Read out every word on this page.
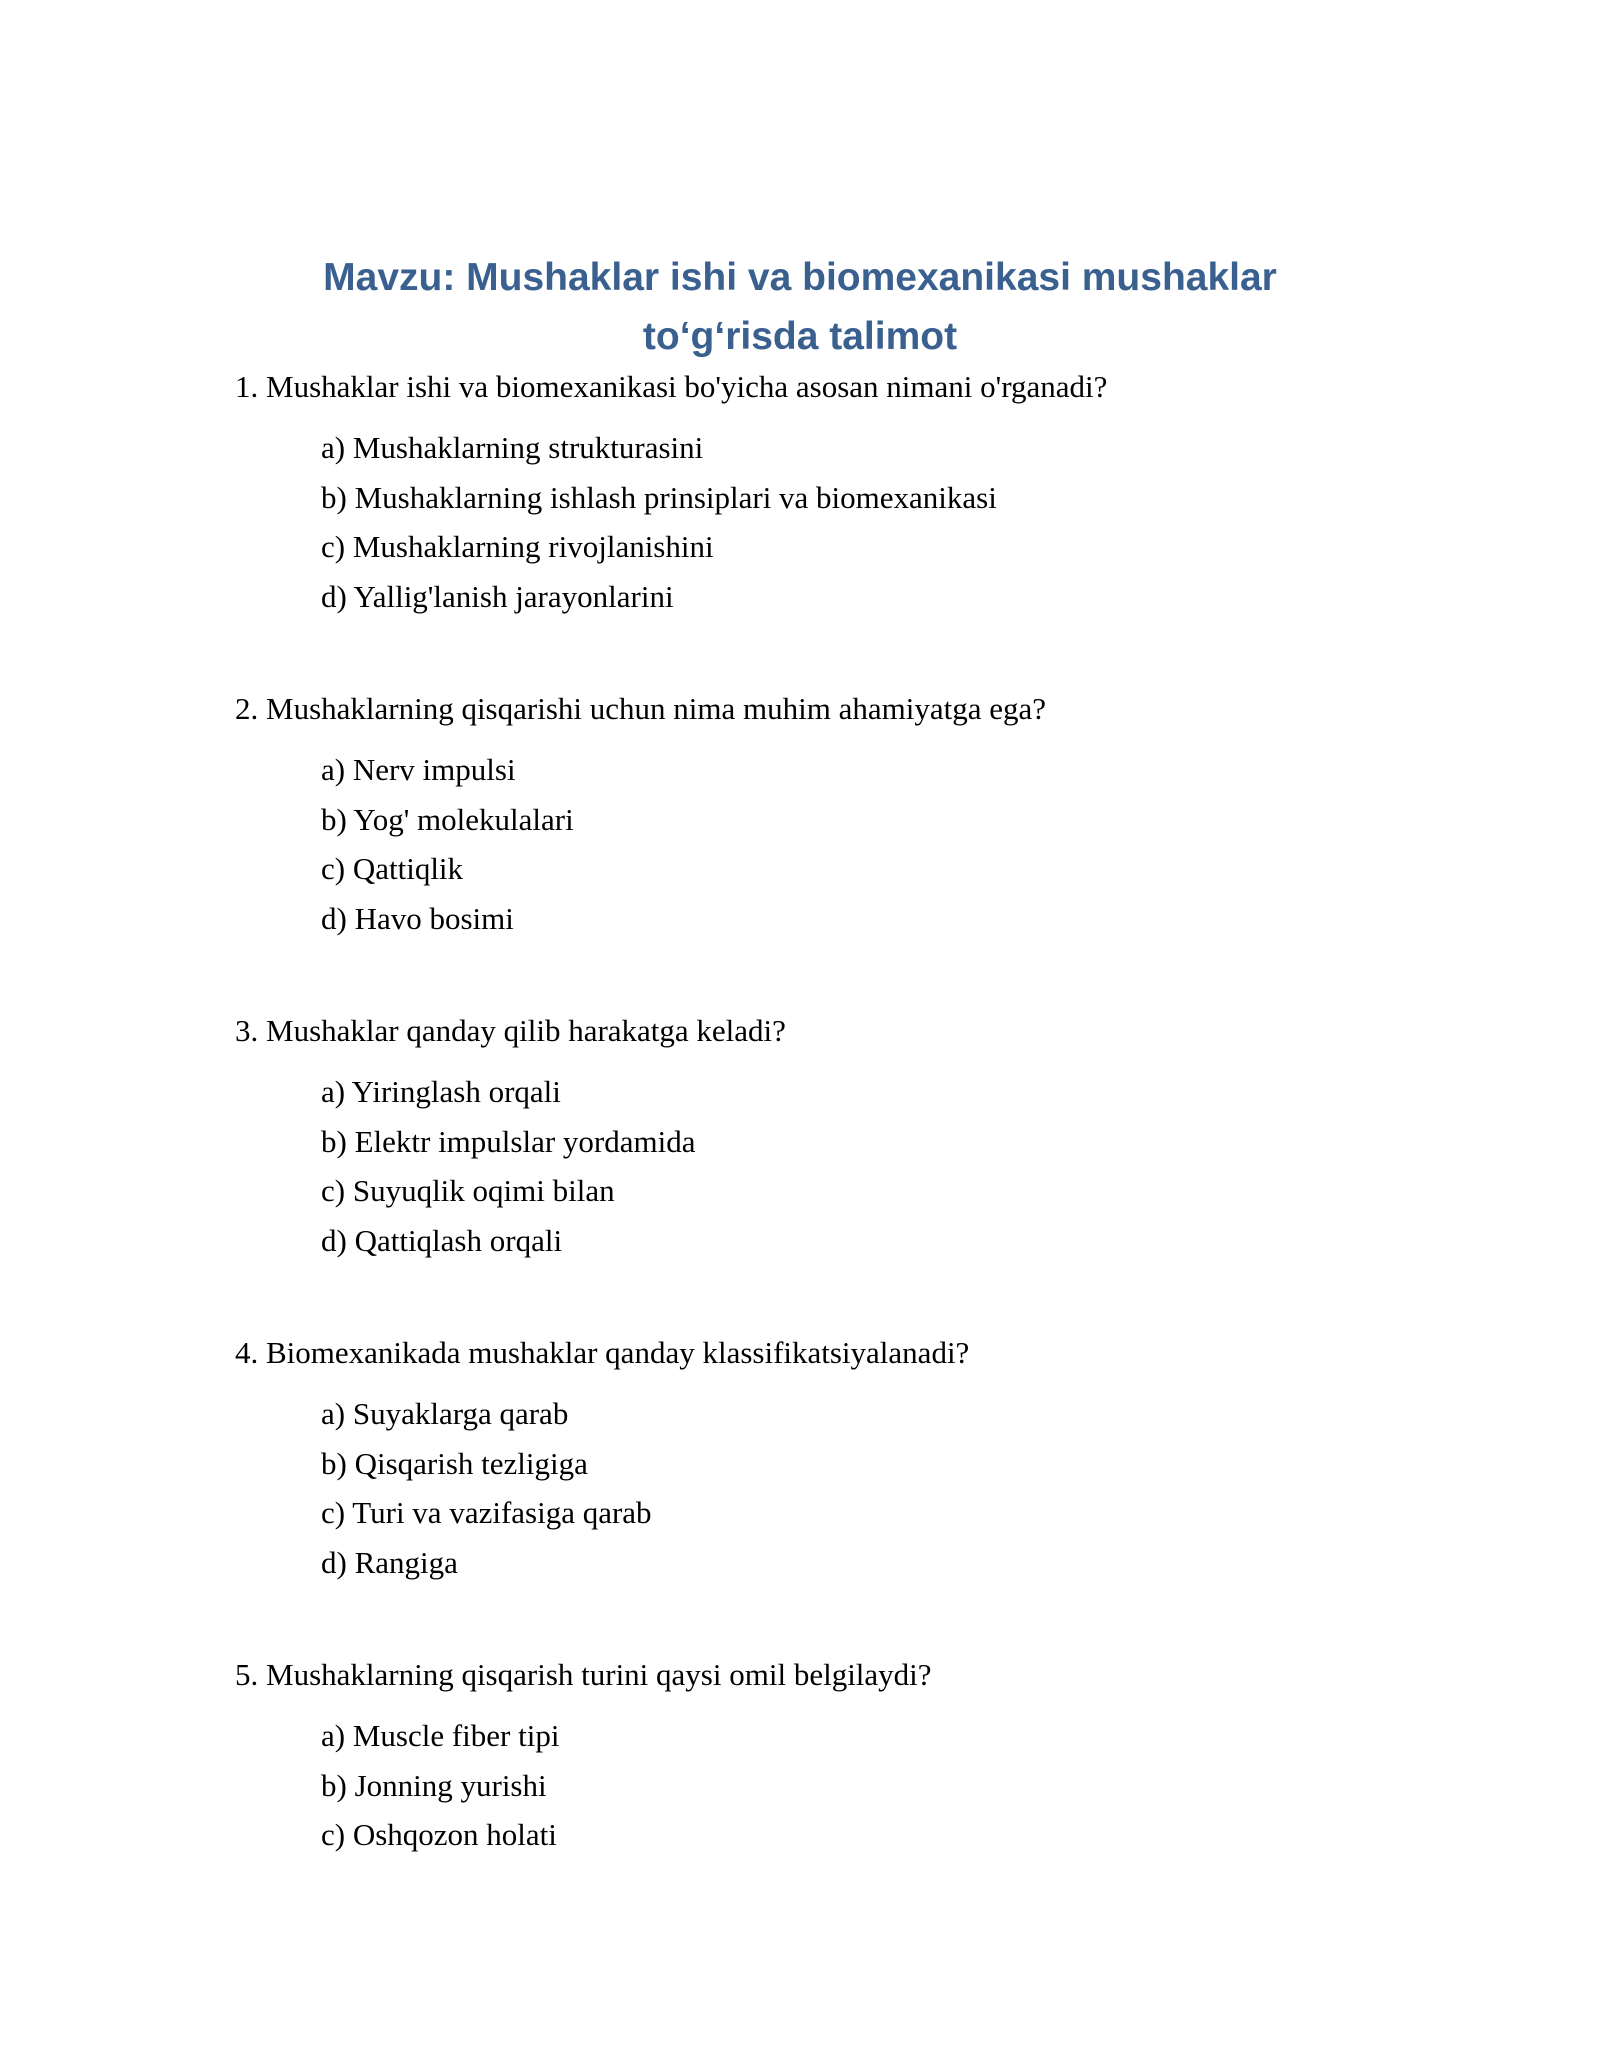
Mavzu: Mushaklar ishi va biomexanikasi mushaklar to‘g‘risda talimot
1. Mushaklar ishi va biomexanikasi bo'yicha asosan nimani o'rganadi?
a) Mushaklarning strukturasini
b) Mushaklarning ishlash prinsiplari va biomexanikasi
c) Mushaklarning rivojlanishini
d) Yallig'lanish jarayonlarini
2. Mushaklarning qisqarishi uchun nima muhim ahamiyatga ega?
a) Nerv impulsi
b) Yog' molekulalari
c) Qattiqlik
d) Havo bosimi
3. Mushaklar qanday qilib harakatga keladi?
a) Yiringlash orqali
b) Elektr impulslar yordamida
c) Suyuqlik oqimi bilan
d) Qattiqlash orqali
4. Biomexanikada mushaklar qanday klassifikatsiyalanadi?
a) Suyaklarga qarab
b) Qisqarish tezligiga
c) Turi va vazifasiga qarab
d) Rangiga
5. Mushaklarning qisqarish turini qaysi omil belgilaydi?
a) Muscle fiber tipi
b) Jonning yurishi
c) Oshqozon holati
